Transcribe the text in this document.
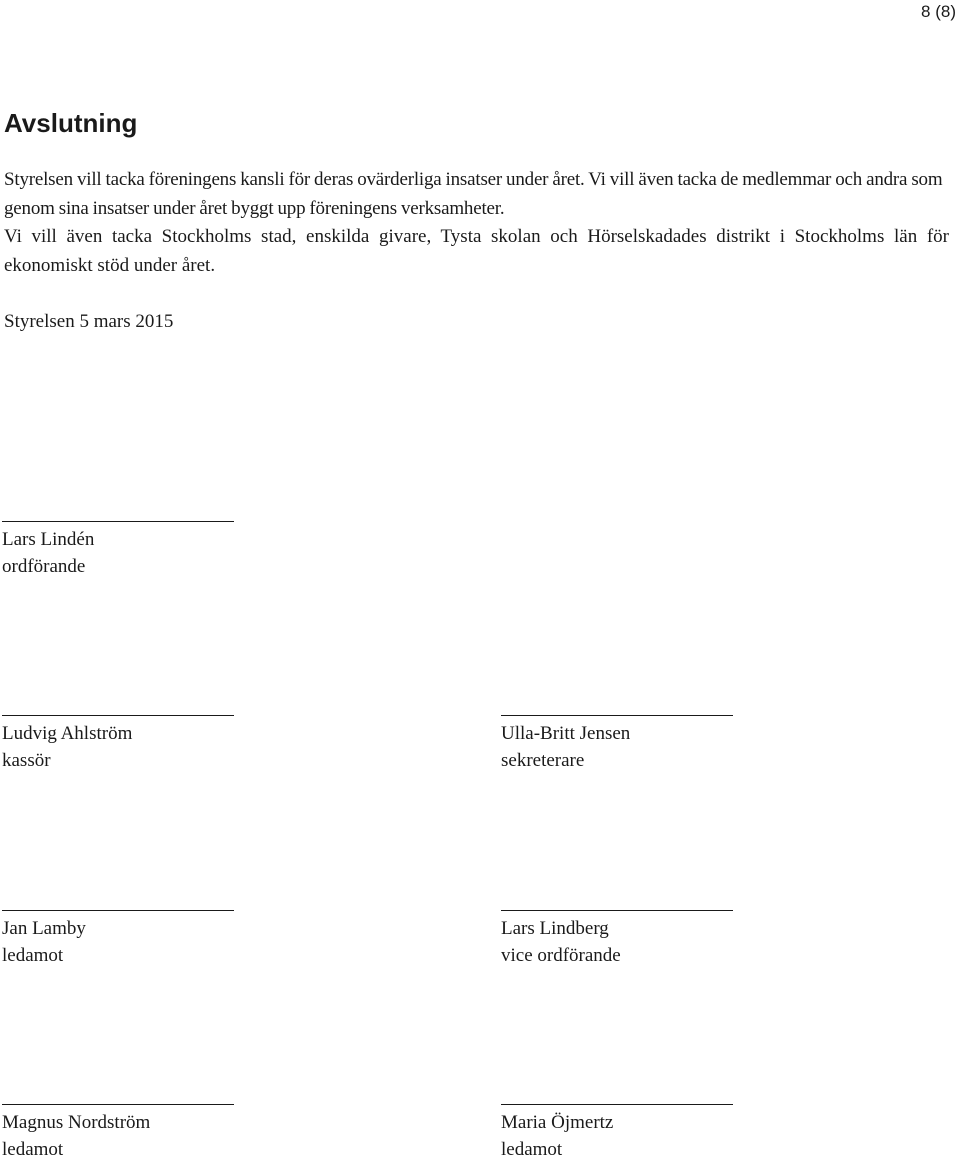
8 (8)
Avslutning

Styrelsen vill tacka föreningens kansli för deras ovärderliga insatser under året. Vi vill även tacka de medlemmar och andra som genom sina insatser under året byggt upp föreningens verksamheter.

Vi vill även tacka Stockholms stad, enskilda givare, Tysta skolan och Hörselskadades distrikt i Stockholms län för ekonomiskt stöd under året.

Styrelsen 5 mars 2015
Lars Lindén
ordförande
Ludvig Ahlström
kassör
Ulla-Britt Jensen
sekreterare
Jan Lamby
ledamot
Lars Lindberg
vice ordförande
Magnus Nordström
ledamot
Maria Öjmertz
ledamot
